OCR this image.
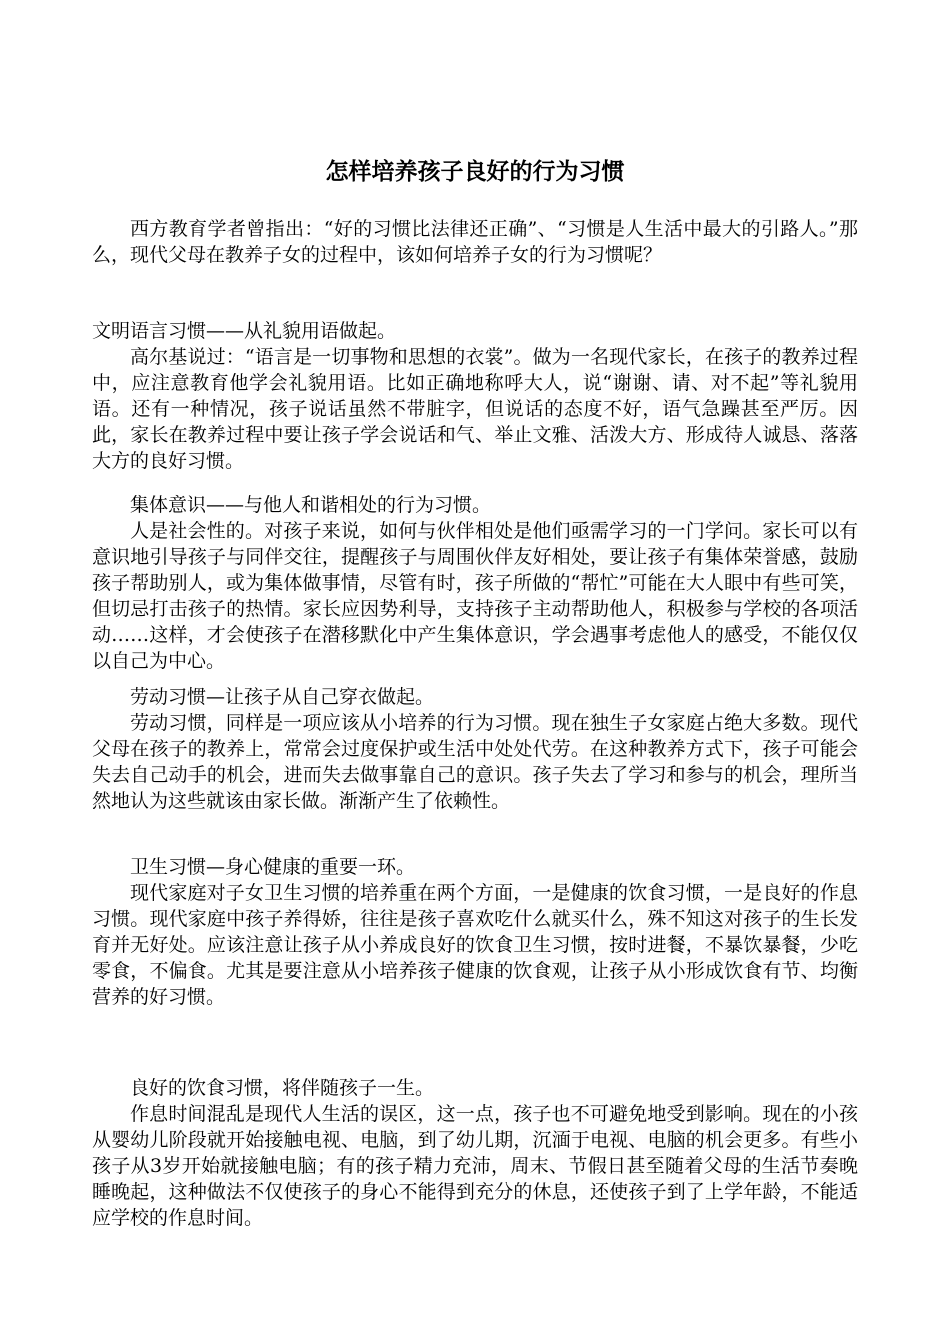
怎样培养孩子良好的行为习惯

西方教育学者曾指出：“好的习惯比法律还正确”、“习惯是人生活中最大的引路人。”那么，现代父母在教养子女的过程中，该如何培养子女的行为习惯呢？

文明语言习惯——从礼貌用语做起。

高尔基说过：“语言是一切事物和思想的衣裳”。做为一名现代家长，在孩子的教养过程中，应注意教育他学会礼貌用语。比如正确地称呼大人，说“谢谢、请、对不起”等礼貌用语。还有一种情况，孩子说话虽然不带脏字，但说话的态度不好，语气急躁甚至严厉。因此，家长在教养过程中要让孩子学会说话和气、举止文雅、活泼大方、形成待人诚恳、落落大方的良好习惯。

集体意识——与他人和谐相处的行为习惯。

人是社会性的。对孩子来说，如何与伙伴相处是他们亟需学习的一门学问。家长可以有意识地引导孩子与同伴交往，提醒孩子与周围伙伴友好相处，要让孩子有集体荣誉感，鼓励孩子帮助别人，或为集体做事情，尽管有时，孩子所做的“帮忙”可能在大人眼中有些可笑，但切忌打击孩子的热情。家长应因势利导，支持孩子主动帮助他人，积极参与学校的各项活动……这样，才会使孩子在潜移默化中产生集体意识，学会遇事考虑他人的感受，不能仅仅以自己为中心。

劳动习惯—让孩子从自己穿衣做起。

劳动习惯，同样是一项应该从小培养的行为习惯。现在独生子女家庭占绝大多数。现代父母在孩子的教养上，常常会过度保护或生活中处处代劳。在这种教养方式下，孩子可能会失去自己动手的机会，进而失去做事靠自己的意识。孩子失去了学习和参与的机会，理所当然地认为这些就该由家长做。渐渐产生了依赖性。

卫生习惯—身心健康的重要一环。

现代家庭对子女卫生习惯的培养重在两个方面，一是健康的饮食习惯，一是良好的作息习惯。现代家庭中孩子养得娇，往往是孩子喜欢吃什么就买什么，殊不知这对孩子的生长发育并无好处。应该注意让孩子从小养成良好的饮食卫生习惯，按时进餐，不暴饮暴餐，少吃零食，不偏食。尤其是要注意从小培养孩子健康的饮食观，让孩子从小形成饮食有节、均衡营养的好习惯。

良好的饮食习惯，将伴随孩子一生。

作息时间混乱是现代人生活的误区，这一点，孩子也不可避免地受到影响。现在的小孩从婴幼儿阶段就开始接触电视、电脑，到了幼儿期，沉湎于电视、电脑的机会更多。有些小孩子从3岁开始就接触电脑；有的孩子精力充沛，周末、节假日甚至随着父母的生活节奏晚睡晚起，这种做法不仅使孩子的身心不能得到充分的休息，还使孩子到了上学年龄，不能适应学校的作息时间。
